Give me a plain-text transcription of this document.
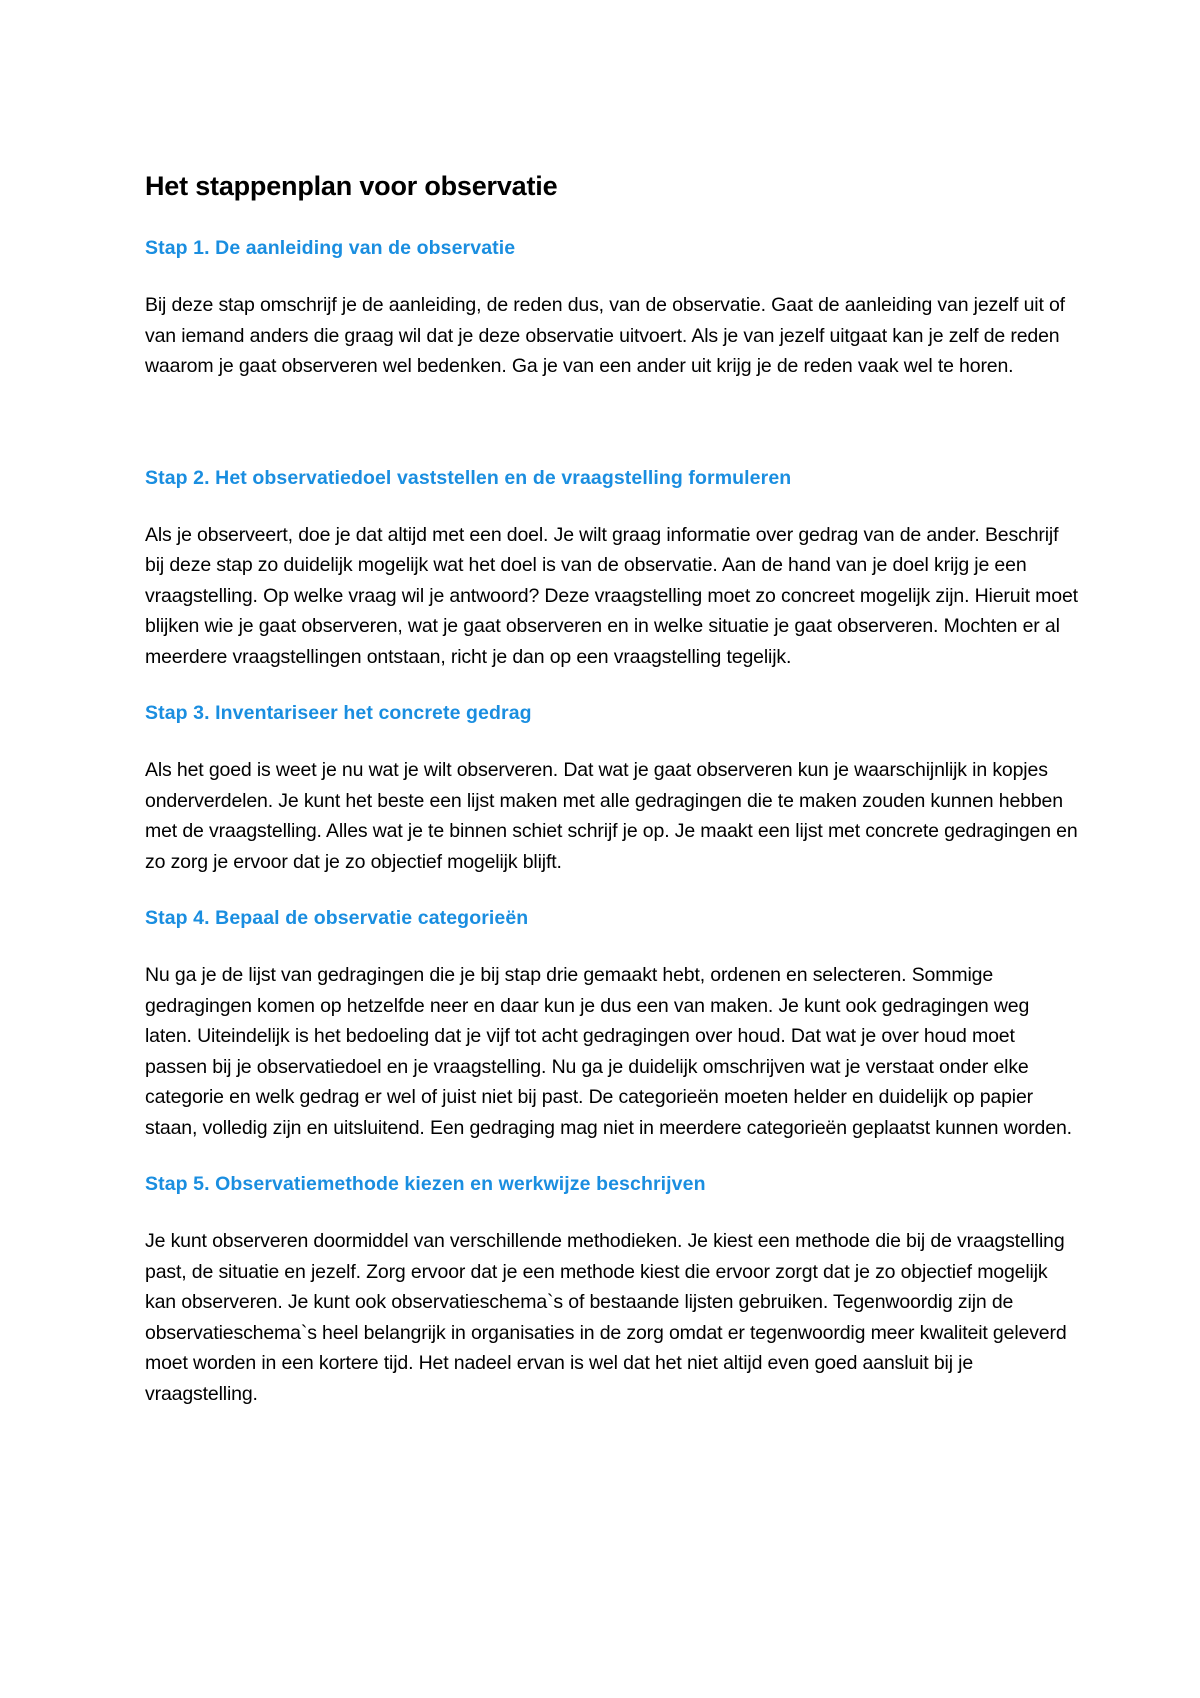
Het stappenplan voor observatie
Stap 1. De aanleiding van de observatie

Bij deze stap omschrijf je de aanleiding, de reden dus, van de observatie. Gaat de aanleiding van jezelf uit of van iemand anders die graag wil dat je deze observatie uitvoert. Als je van jezelf uitgaat kan je zelf de reden waarom je gaat observeren wel bedenken. Ga je van een ander uit krijg je de reden vaak wel te horen.

Stap 2. Het observatiedoel vaststellen en de vraagstelling formuleren

Als je observeert, doe je dat altijd met een doel. Je wilt graag informatie over gedrag van de ander. Beschrijf bij deze stap zo duidelijk mogelijk wat het doel is van de observatie. Aan de hand van je doel krijg je een vraagstelling. Op welke vraag wil je antwoord? Deze vraagstelling moet zo concreet mogelijk zijn. Hieruit moet blijken wie je gaat observeren, wat je gaat observeren en in welke situatie je gaat observeren. Mochten er al meerdere vraagstellingen ontstaan, richt je dan op een vraagstelling tegelijk.

Stap 3. Inventariseer het concrete gedrag

Als het goed is weet je nu wat je wilt observeren. Dat wat je gaat observeren kun je waarschijnlijk in kopjes onderverdelen. Je kunt het beste een lijst maken met alle gedragingen die te maken zouden kunnen hebben met de vraagstelling. Alles wat je te binnen schiet schrijf je op. Je maakt een lijst met concrete gedragingen en zo zorg je ervoor dat je zo objectief mogelijk blijft.

Stap 4. Bepaal de observatie categorieën

Nu ga je de lijst van gedragingen die je bij stap drie gemaakt hebt, ordenen en selecteren. Sommige gedragingen komen op hetzelfde neer en daar kun je dus een van maken. Je kunt ook gedragingen weg laten. Uiteindelijk is het bedoeling dat je vijf tot acht gedragingen over houd. Dat wat je over houd moet passen bij je observatiedoel en je vraagstelling. Nu ga je duidelijk omschrijven wat je verstaat onder elke categorie en welk gedrag er wel of juist niet bij past. De categorieën moeten helder en duidelijk op papier staan, volledig zijn en uitsluitend. Een gedraging mag niet in meerdere categorieën geplaatst kunnen worden.

Stap 5. Observatiemethode kiezen en werkwijze beschrijven

Je kunt observeren doormiddel van verschillende methodieken. Je kiest een methode die bij de vraagstelling past, de situatie en jezelf. Zorg ervoor dat je een methode kiest die ervoor zorgt dat je zo objectief mogelijk kan observeren. Je kunt ook observatieschema`s of bestaande lijsten gebruiken. Tegenwoordig zijn de observatieschema`s heel belangrijk in organisaties in de zorg omdat er tegenwoordig meer kwaliteit geleverd moet worden in een kortere tijd. Het nadeel ervan is wel dat het niet altijd even goed aansluit bij je vraagstelling.
